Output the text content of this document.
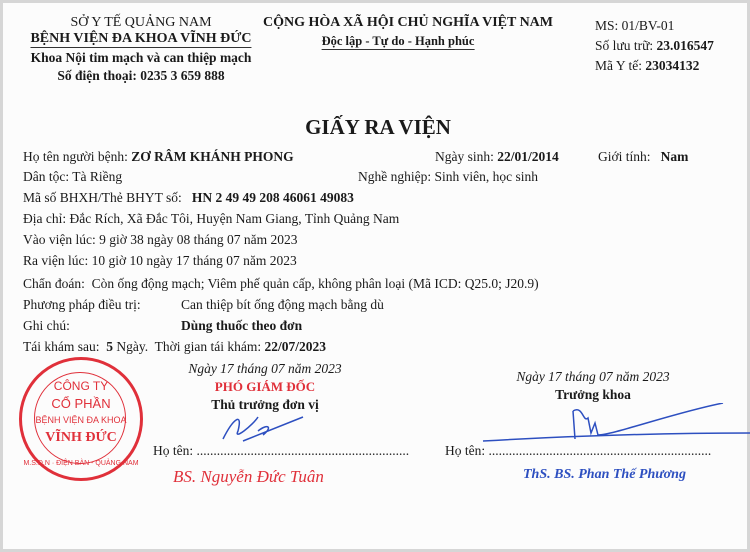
SỞ Y TẾ QUẢNG NAM
BỆNH VIỆN ĐA KHOA VĨNH ĐỨC
Khoa Nội tim mạch và can thiệp mạch
Số điện thoại: 0235 3 659 888
CỘNG HÒA XÃ HỘI CHỦ NGHĨA VIỆT NAM
Độc lập - Tự do - Hạnh phúc
MS: 01/BV-01
Số lưu trữ: 23.016547
Mã Y tế: 23034132
GIẤY RA VIỆN
Họ tên người bệnh: ZƠ RÂM KHÁNH PHONG	Ngày sinh: 22/01/2014	Giới tính: Nam
Dân tộc: Tà Riềng	Nghề nghiệp: Sinh viên, học sinh
Mã số BHXH/Thẻ BHYT số: HN 2 49 49 208 46061 49083
Địa chỉ: Đắc Rích, Xã Đắc Tôi, Huyện Nam Giang, Tỉnh Quảng Nam
Vào viện lúc: 9 giờ 38 ngày 08 tháng 07 năm 2023
Ra viện lúc: 10 giờ 10 ngày 17 tháng 07 năm 2023
Chẩn đoán: Còn ống động mạch; Viêm phế quản cấp, không phân loại (Mã ICD: Q25.0; J20.9)
Phương pháp điều trị:	Can thiệp bít ống động mạch bằng dù
Ghi chú:	Dùng thuốc theo đơn
Tái khám sau: 5 Ngày. Thời gian tái khám: 22/07/2023
CÔNG TY
CỔ PHẦN
BỆNH VIỆN ĐA KHOA
VĨNH ĐỨC
M.S.D.N · ĐIỆN BÀN - QUẢNG NAM
Ngày 17 tháng 07 năm 2023
PHÓ GIÁM ĐỐC
Thủ trưởng đơn vị
Họ tên: ...............................................................
BS. Nguyễn Đức Tuân
Ngày 17 tháng 07 năm 2023
Trưởng khoa
Họ tên: ..................................................................
ThS. BS. Phan Thế Phương
